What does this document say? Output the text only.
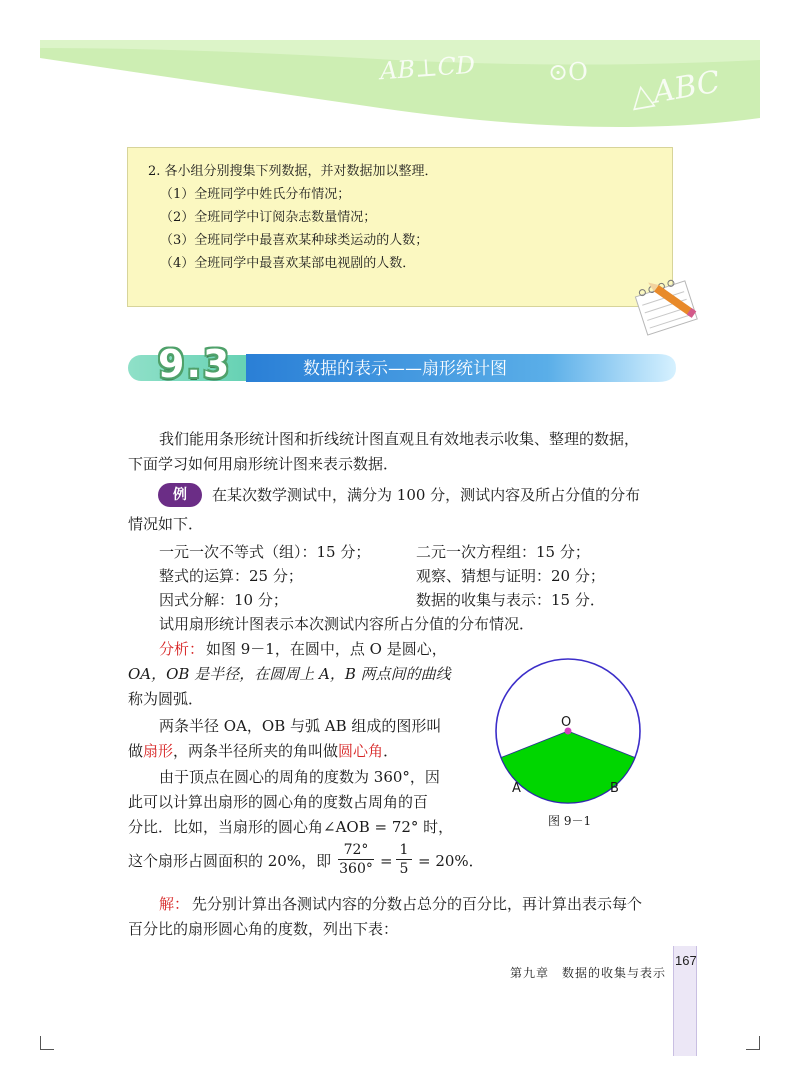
AB⊥CD	⊙O △ABC
2. 各小组分别搜集下列数据，并对数据加以整理．
（1）全班同学中姓氏分布情况；
（2）全班同学中订阅杂志数量情况；
（3）全班同学中最喜欢某种球类运动的人数；
（4）全班同学中最喜欢某部电视剧的人数．
9.3	数据的表示——扇形统计图
我们能用条形统计图和折线统计图直观且有效地表示收集、整理的数据，
下面学习如何用扇形统计图来表示数据．
例	在某次数学测试中，满分为 100 分，测试内容及所占分值的分布
情况如下．
一元一次不等式（组）：15 分；	二元一次方程组：15 分；
整式的运算：25 分；	观察、猜想与证明：20 分；
因式分解：10 分；	数据的收集与表示：15 分．
试用扇形统计图表示本次测试内容所占分值的分布情况．
分析： 如图 9－1，在圆中，点 O 是圆心，
OA，OB 是半径，在圆周上 A，B 两点间的曲线
称为圆弧．
两条半径 OA，OB 与弧 AB 组成的图形叫
做扇形，两条半径所夹的角叫做圆心角．
由于顶点在圆心的周角的度数为 360°，因
此可以计算出扇形的圆心角的度数占周角的百
分比．比如，当扇形的圆心角∠AOB = 72° 时，
这个扇形占圆面积的 20%，即 $\frac{72^\circ}{360^\circ} = \frac{1}{5} = 20\%$．
解： 先分别计算出各测试内容的分数占总分的百分比，再计算出表示每个
百分比的扇形圆心角的度数，列出下表：
O
A	B
图 9－1
第九章　数据的收集与表示
167
